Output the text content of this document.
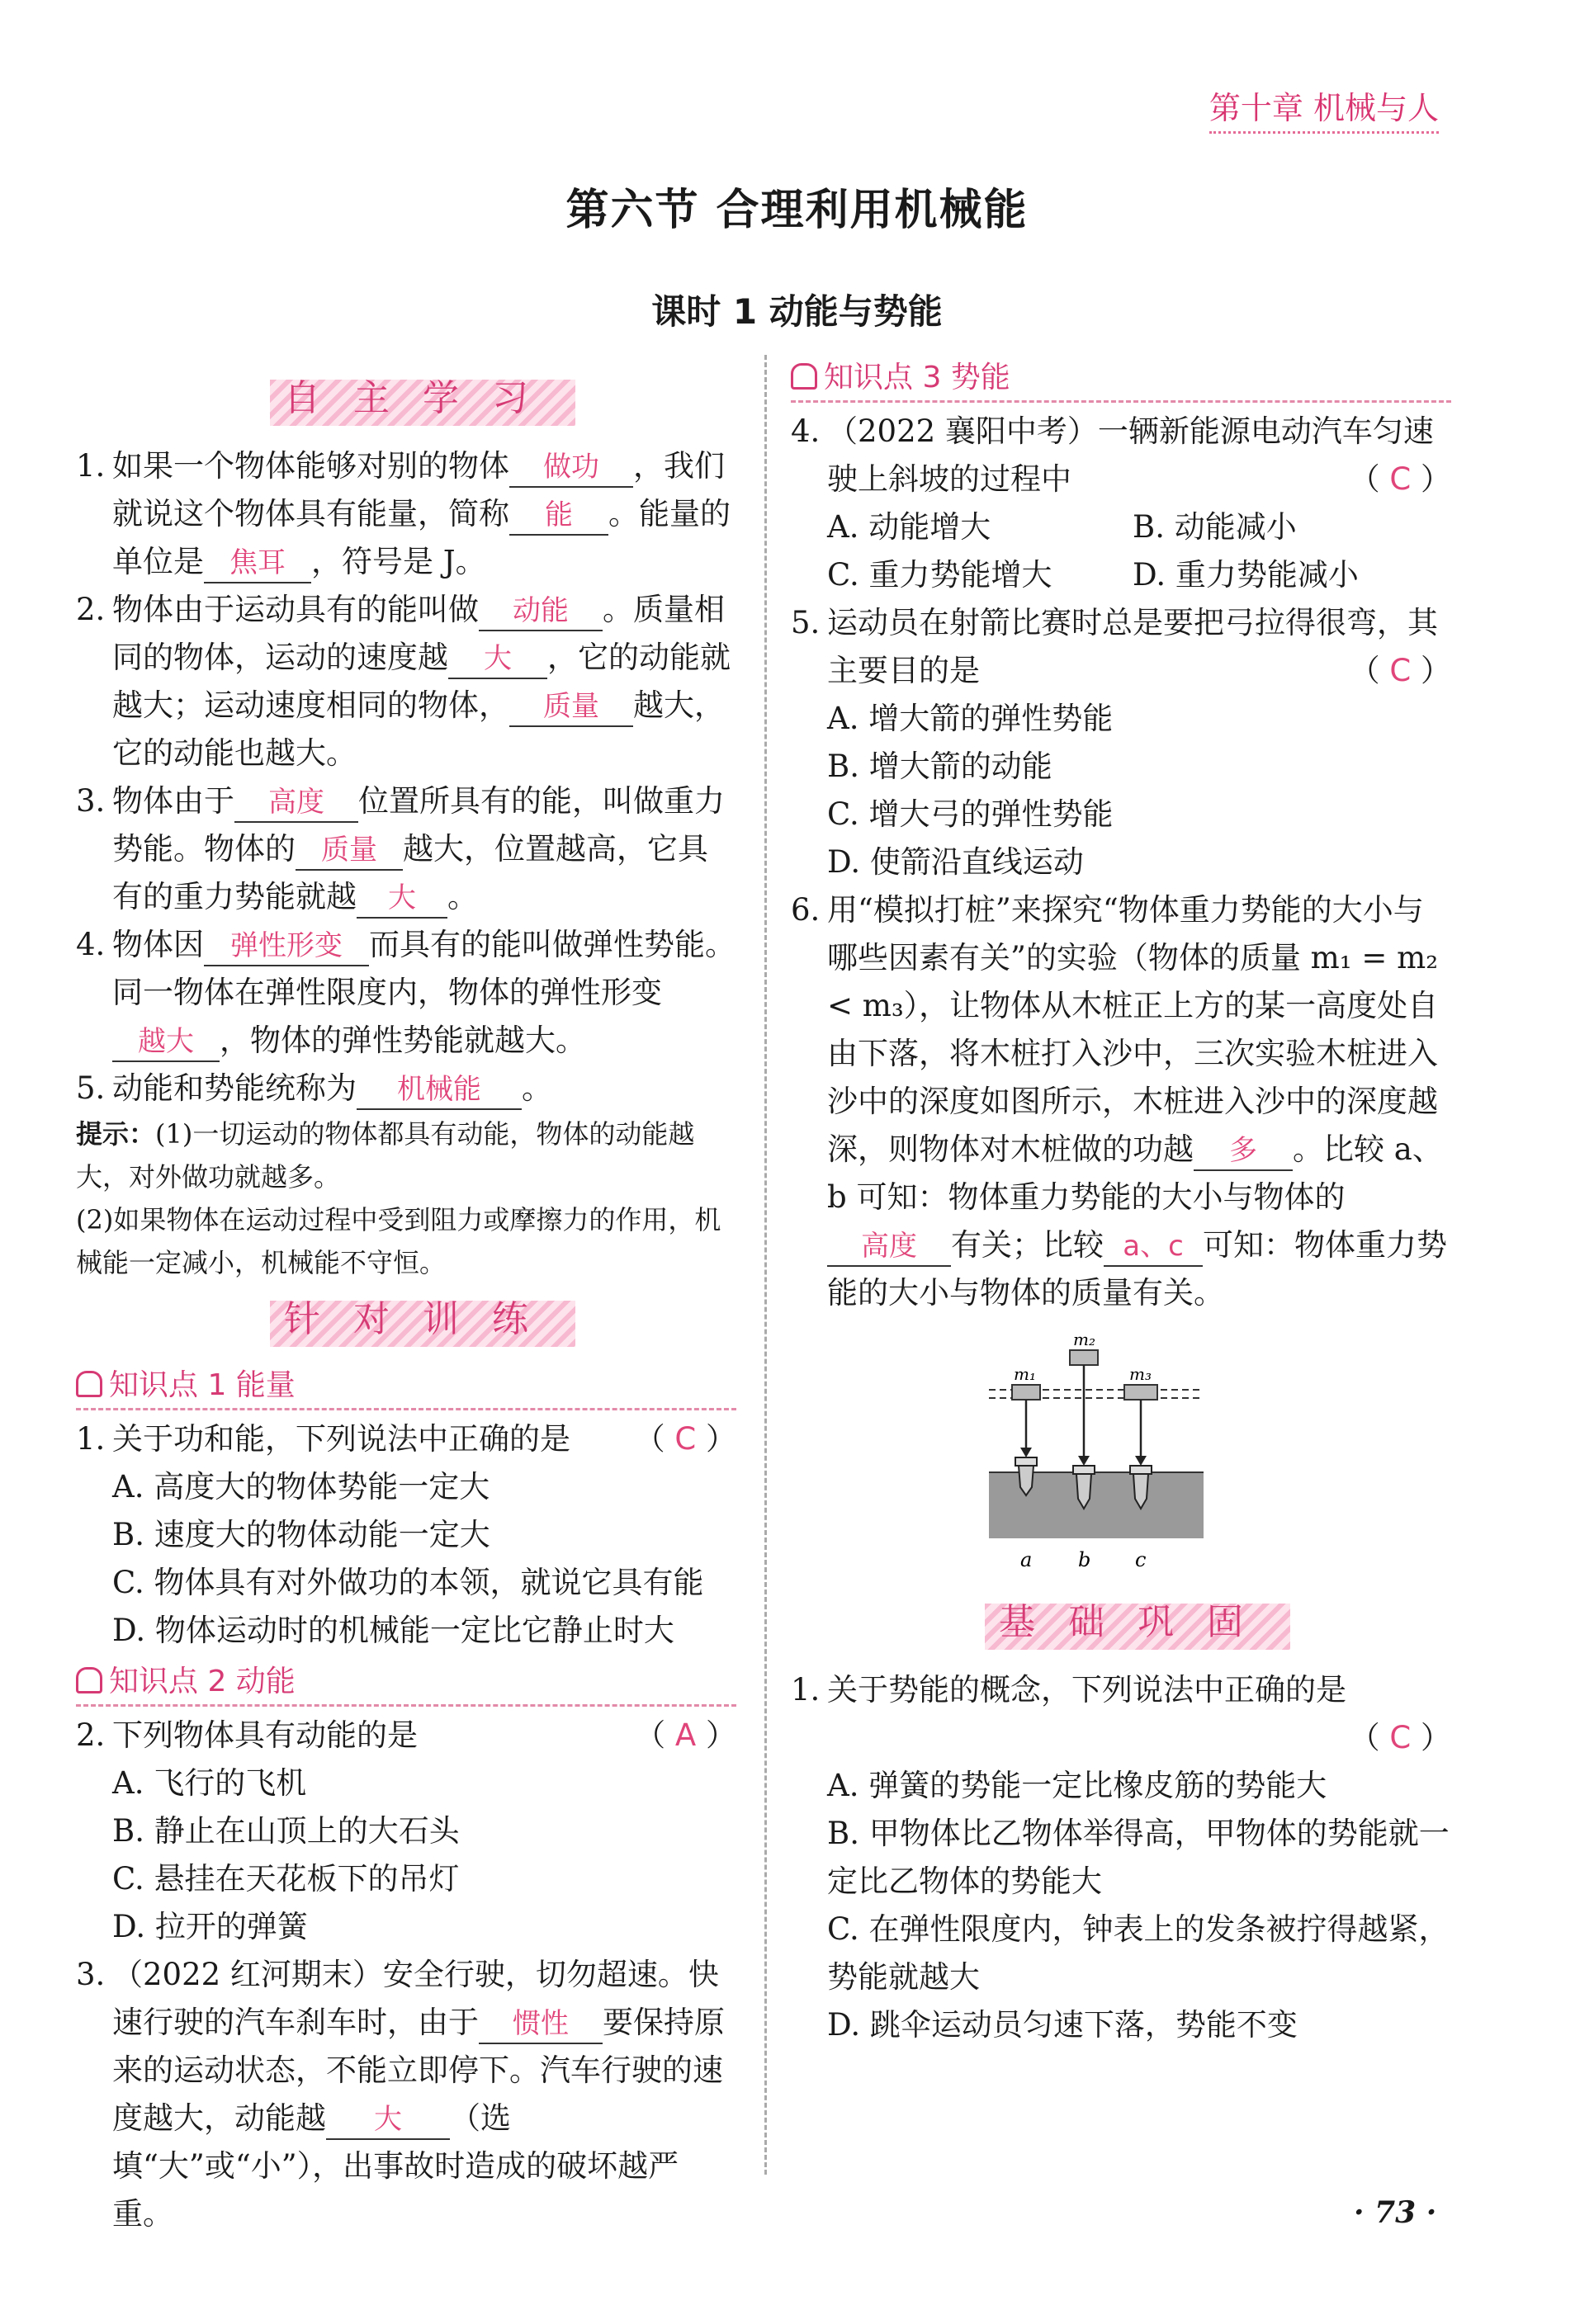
第十章 机械与人
第六节 合理利用机械能
课时 1 动能与势能
自主学习
1. 如果一个物体能够对别的物体 做功 ，我们就说这个物体具有能量，简称 能 。能量的单位是 焦耳 ，符号是 J。
2. 物体由于运动具有的能叫做 动能 。质量相同的物体，运动的速度越 大 ，它的动能就越大；运动速度相同的物体， 质量 越大，它的动能也越大。
3. 物体由于 高度 位置所具有的能，叫做重力势能。物体的 质量 越大，位置越高，它具有的重力势能就越 大 。
4. 物体因 弹性形变 而具有的能叫做弹性势能。同一物体在弹性限度内，物体的弹性形变越大 ，物体的弹性势能就越大。
5. 动能和势能统称为 机械能 。
提示：(1)一切运动的物体都具有动能，物体的动能越大，对外做功就越多。
(2)如果物体在运动过程中受到阻力或摩擦力的作用，机械能一定减小，机械能不守恒。
针对训练
知识点 1 能量
1. 关于功和能，下列说法中正确的是 （ C ）
A. 高度大的物体势能一定大
B. 速度大的物体动能一定大
C. 物体具有对外做功的本领，就说它具有能
D. 物体运动时的机械能一定比它静止时大
知识点 2 动能
2. 下列物体具有动能的是	（ A ）
A. 飞行的飞机
B. 静止在山顶上的大石头
C. 悬挂在天花板下的吊灯
D. 拉开的弹簧
3. （2022 红河期末）安全行驶，切勿超速。快速行驶的汽车刹车时，由于 惯性 要保持原来的运动状态，不能立即停下。汽车行驶的速度越大，动能越 大 （选填“大”或“小”），出事故时造成的破坏越严重。
知识点 3 势能
4. （2022 襄阳中考）一辆新能源电动汽车匀速驶上斜坡的过程中	（ C ）
A. 动能增大	B. 动能减小
C. 重力势能增大	D. 重力势能减小
5. 运动员在射箭比赛时总是要把弓拉得很弯，其主要目的是	（ C ）
A. 增大箭的弹性势能
B. 增大箭的动能
C. 增大弓的弹性势能
D. 使箭沿直线运动
6. 用“模拟打桩”来探究“物体重力势能的大小与哪些因素有关”的实验（物体的质量 m₁ = m₂ < m₃），让物体从木桩正上方的某一高度处自由下落，将木桩打入沙中，三次实验木桩进入沙中的深度如图所示，木桩进入沙中的深度越深，则物体对木桩做的功越 多 。比较 a、b 可知：物体重力势能的大小与物体的高度 有关；比较 a、c 可知：物体重力势能的大小与物体的质量有关。
m₁
m₂
m₃
a b c
基础巩固
1. 关于势能的概念，下列说法中正确的是
（ C ）
A. 弹簧的势能一定比橡皮筋的势能大
B. 甲物体比乙物体举得高，甲物体的势能就一定比乙物体的势能大
C. 在弹性限度内，钟表上的发条被拧得越紧，势能就越大
D. 跳伞运动员匀速下落，势能不变
· 73 ·
